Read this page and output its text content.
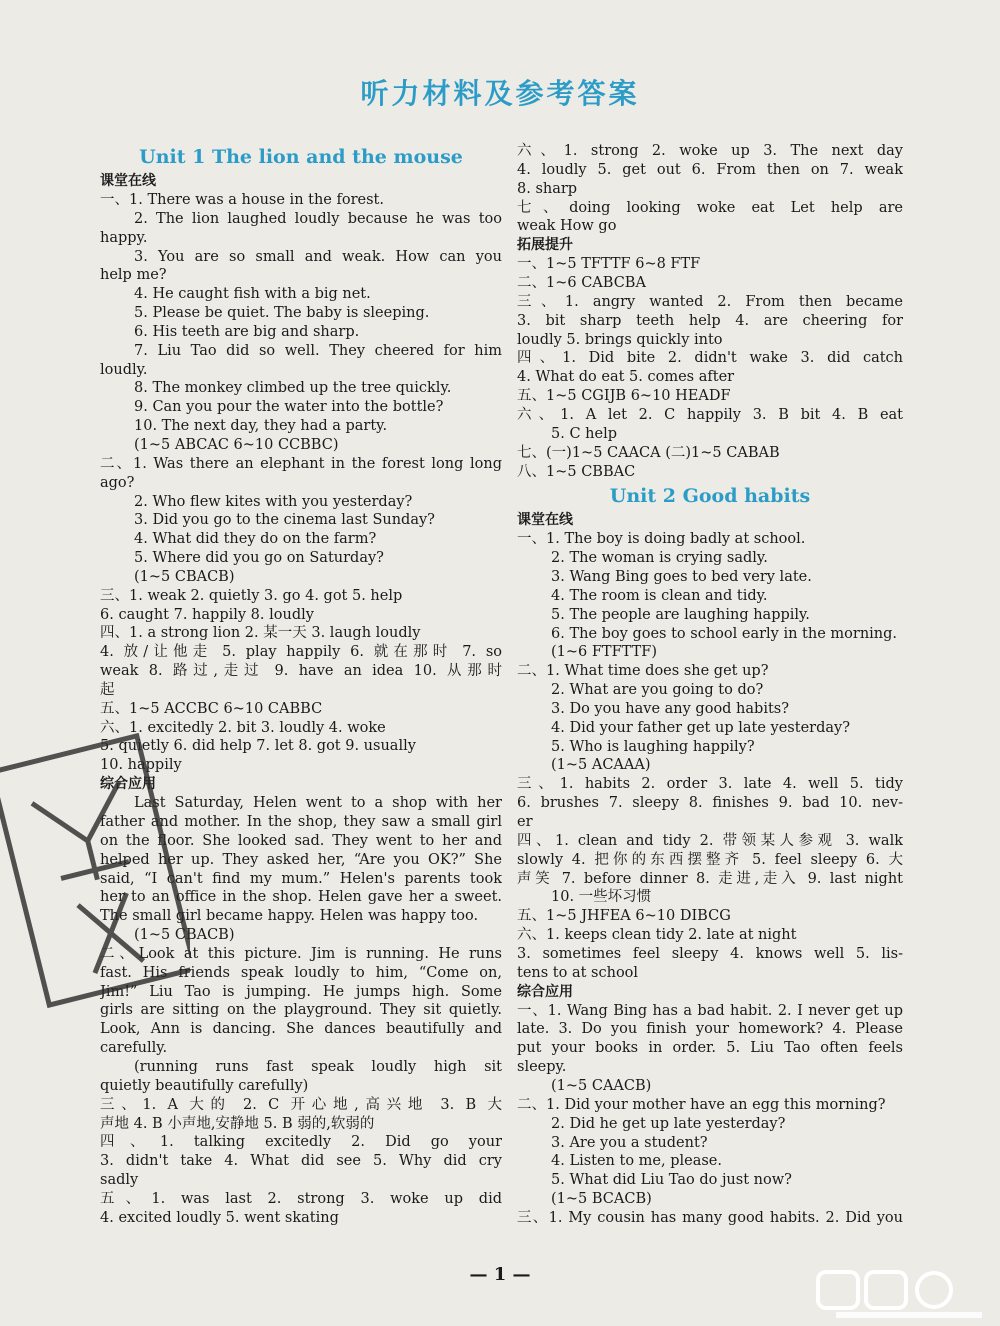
听力材料及参考答案
Unit 1 The lion and the mouse
课堂在线
一、1. There was a house in the forest.
2. The lion laughed loudly because he was too
happy.
3. You are so small and weak. How can you
help me?
4. He caught fish with a big net.
5. Please be quiet. The baby is sleeping.
6. His teeth are big and sharp.
7. Liu Tao did so well. They cheered for him
loudly.
8. The monkey climbed up the tree quickly.
9. Can you pour the water into the bottle?
10. The next day, they had a party.
(1~5 ABCAC 6~10 CCBBC)
二、1. Was there an elephant in the forest long long
ago?
2. Who flew kites with you yesterday?
3. Did you go to the cinema last Sunday?
4. What did they do on the farm?
5. Where did you go on Saturday?
(1~5 CBACB)
三、1. weak 2. quietly 3. go 4. got 5. help
6. caught 7. happily 8. loudly
四、1. a strong lion 2. 某一天 3. laugh loudly
4. 放/让他走 5. play happily 6. 就在那时 7. so
weak 8. 路过,走过 9. have an idea 10. 从那时
起
五、1~5 ACCBC 6~10 CABBC
六、1. excitedly 2. bit 3. loudly 4. woke
5. quietly 6. did help 7. let 8. got 9. usually
10. happily
综合应用
Last Saturday, Helen went to a shop with her
father and mother. In the shop, they saw a small girl
on the floor. She looked sad. They went to her and
helped her up. They asked her, “Are you OK?” She
said, “I can't find my mum.” Helen's parents took
her to an office in the shop. Helen gave her a sweet.
The small girl became happy. Helen was happy too.
(1~5 CBACB)
二、Look at this picture. Jim is running. He runs
fast. His friends speak loudly to him, “Come on,
Jim!” Liu Tao is jumping. He jumps high. Some
girls are sitting on the playground. They sit quietly.
Look, Ann is dancing. She dances beautifully and
carefully.
(running runs fast speak loudly high sit
quietly beautifully carefully)
三、1. A 大的 2. C 开心地,高兴地 3. B 大
声地 4. B 小声地,安静地 5. B 弱的,软弱的
四、1. talking excitedly 2. Did go your
3. didn't take 4. What did see 5. Why did cry
sadly
五、1. was last 2. strong 3. woke up did
4. excited loudly 5. went skating
六、1. strong 2. woke up 3. The next day
4. loudly 5. get out 6. From then on 7. weak
8. sharp
七、doing looking woke eat Let help are
weak How go
拓展提升
一、1~5 TFTTF 6~8 FTF
二、1~6 CABCBA
三、1. angry wanted 2. From then became
3. bit sharp teeth help 4. are cheering for
loudly 5. brings quickly into
四、1. Did bite 2. didn't wake 3. did catch
4. What do eat 5. comes after
五、1~5 CGIJB 6~10 HEADF
六、1. A let 2. C happily 3. B bit 4. B eat
5. C help
七、(一)1~5 CAACA (二)1~5 CABAB
八、1~5 CBBAC
Unit 2 Good habits
课堂在线
一、1. The boy is doing badly at school.
2. The woman is crying sadly.
3. Wang Bing goes to bed very late.
4. The room is clean and tidy.
5. The people are laughing happily.
6. The boy goes to school early in the morning.
(1~6 FTFTTF)
二、1. What time does she get up?
2. What are you going to do?
3. Do you have any good habits?
4. Did your father get up late yesterday?
5. Who is laughing happily?
(1~5 ACAAA)
三、1. habits 2. order 3. late 4. well 5. tidy
6. brushes 7. sleepy 8. finishes 9. bad 10. nev-
er
四、1. clean and tidy 2. 带领某人参观 3. walk
slowly 4. 把你的东西摆整齐 5. feel sleepy 6. 大
声笑 7. before dinner 8. 走进,走入 9. last night
10. 一些坏习惯
五、1~5 JHFEA 6~10 DIBCG
六、1. keeps clean tidy 2. late at night
3. sometimes feel sleepy 4. knows well 5. lis-
tens to at school
综合应用
一、1. Wang Bing has a bad habit. 2. I never get up
late. 3. Do you finish your homework? 4. Please
put your books in order. 5. Liu Tao often feels
sleepy.
(1~5 CAACB)
二、1. Did your mother have an egg this morning?
2. Did he get up late yesterday?
3. Are you a student?
4. Listen to me, please.
5. What did Liu Tao do just now?
(1~5 BCACB)
三、1. My cousin has many good habits. 2. Did you
— 1 —
